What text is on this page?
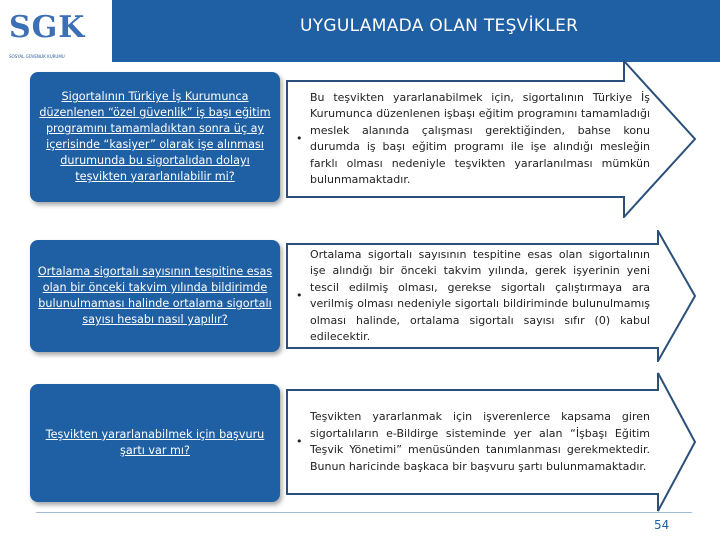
SGK
SOSYAL GÜVENLİK KURUMU
UYGULAMADA OLAN TEŞVİKLER
Sigortalının Türkiye İş Kurumunca düzenlenen “özel güvenlik” iş başı eğitim programını tamamladıktan sonra üç ay içerisinde “kasiyer” olarak işe alınması durumunda bu sigortalıdan dolayı teşvikten yararlanılabilir mi?
•
Bu teşvikten yararlanabilmek için, sigortalının Türkiye İş Kurumunca düzenlenen işbaşı eğitim programını tamamladığı meslek alanında çalışması gerektiğinden, bahse konu durumda iş başı eğitim programı ile işe alındığı mesleğin farklı olması nedeniyle teşvikten yararlanılması mümkün bulunmamaktadır.
Ortalama sigortalı sayısının tespitine esas olan bir önceki takvim yılında bildirimde bulunulmaması halinde ortalama sigortalı sayısı hesabı nasıl yapılır?
•
Ortalama sigortalı sayısının tespitine esas olan sigortalının işe alındığı bir önceki takvim yılında, gerek işyerinin yeni tescil edilmiş olması, gerekse sigortalı çalıştırmaya ara verilmiş olması nedeniyle sigortalı bildiriminde bulunulmamış olması halinde, ortalama sigortalı sayısı sıfır (0) kabul edilecektir.
Teşvikten yararlanabilmek için başvuru şartı var mı?
•
Teşvikten yararlanmak için işverenlerce kapsama giren sigortalıların e-Bildirge sisteminde yer alan “İşbaşı Eğitim Teşvik Yönetimi” menüsünden tanımlanması gerekmektedir. Bunun haricinde başkaca bir başvuru şartı bulunmamaktadır.
54
